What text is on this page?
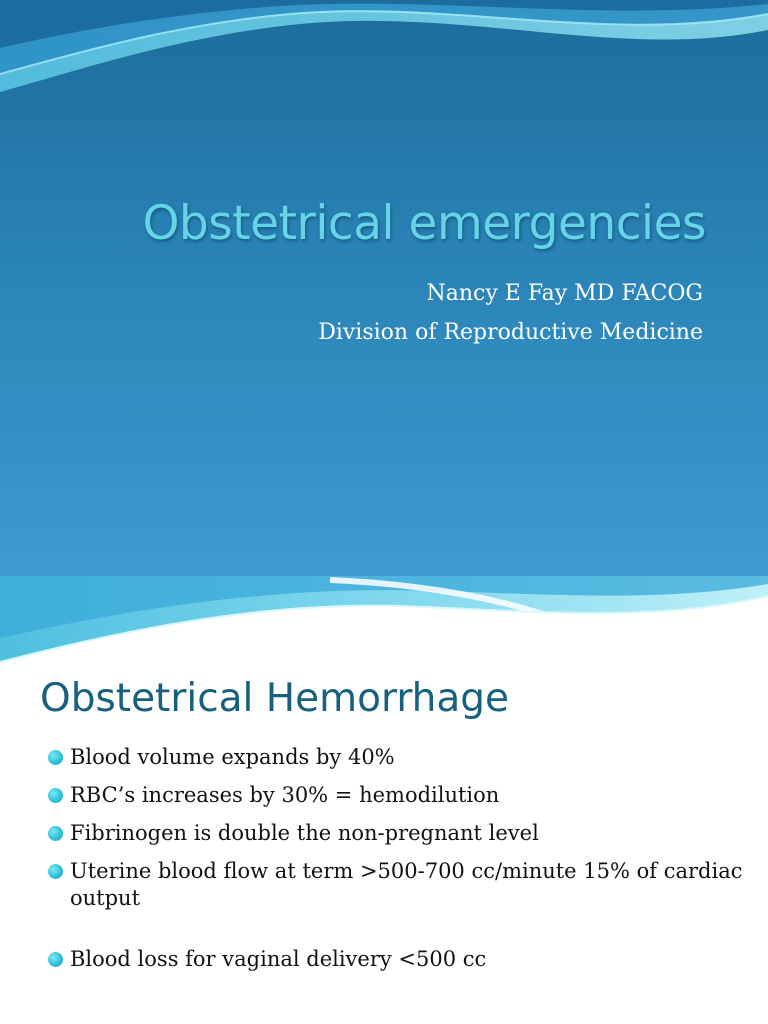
Obstetrical emergencies
Nancy E Fay MD FACOG
Division of Reproductive Medicine
Obstetrical Hemorrhage
Blood volume expands by 40%
RBC’s increases by 30% = hemodilution
Fibrinogen is double the non-pregnant level
Uterine blood flow at term >500-700 cc/minute 15% of cardiac output
Blood loss for vaginal delivery <500 cc
